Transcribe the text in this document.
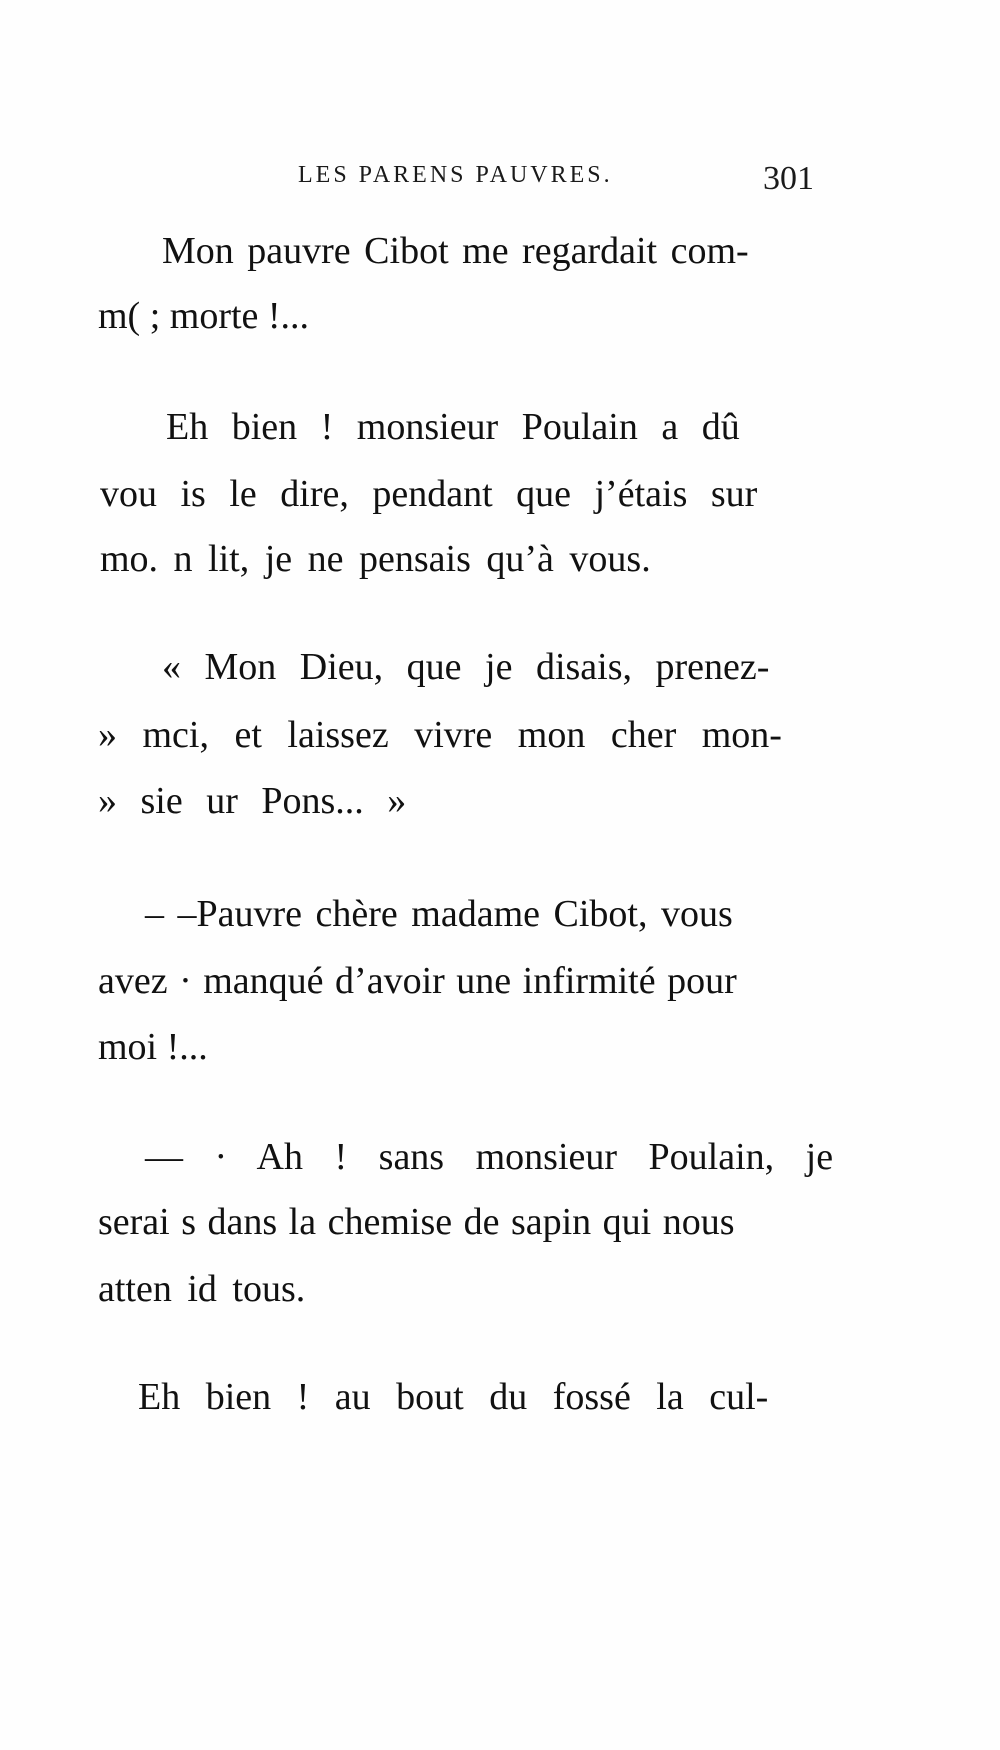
LES PARENS PAUVRES.	301
Mon pauvre Cibot me regardait com-
m( ; morte !...
Eh bien ! monsieur Poulain a dû
vou is le dire, pendant que j’étais sur
mo. n lit, je ne pensais qu’à vous.
« Mon Dieu, que je disais, prenez-
» mci, et laissez vivre mon cher mon-
» sie ur Pons... »
– –Pauvre chère madame Cibot, vous
avez · manqué d’avoir une infirmité pour
moi !...
— · Ah ! sans monsieur Poulain, je
serai s dans la chemise de sapin qui nous
atten id tous.
Eh bien ! au bout du fossé la cul-
